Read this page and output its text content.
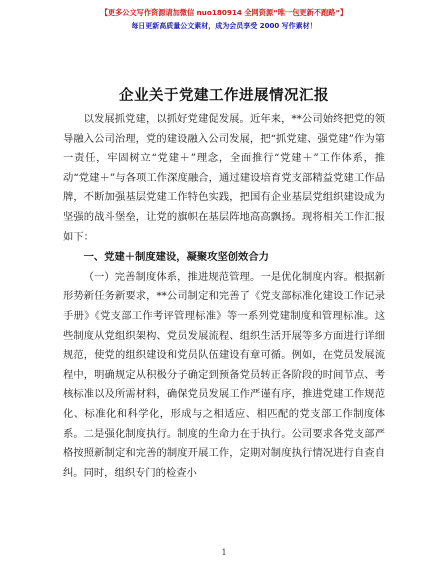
【更多公文写作资源请加微信 nuo180914 全网资源“唯一包更新不跑路”】
每日更新高质量公文素材，成为会员享受 2000 写作素材！
企业关于党建工作进展情况汇报

以发展抓党建，以抓好党建促发展。近年来，**公司始终把党的领导融入公司治理，党的建设融入公司发展，把“抓党建、强党建”作为第一责任，牢固树立“党建＋”理念，全面推行“党建＋”工作体系，推动“党建＋”与各项工作深度融合，通过建设培育党支部精益党建工作品牌，不断加强基层党建工作特色实践，把国有企业基层党组织建设成为坚强的战斗堡垒，让党的旗帜在基层阵地高高飘扬。现将相关工作汇报如下：

一、党建＋制度建设，凝聚攻坚创效合力

（一）完善制度体系，推进规范管理。一是优化制度内容。根据新形势新任务新要求，**公司制定和完善了《党支部标准化建设工作记录手册》《党支部工作考评管理标准》等一系列党建制度和管理标准。这些制度从党组织架构、党员发展流程、组织生活开展等多方面进行详细规范，使党的组织建设和党员队伍建设有章可循。例如，在党员发展流程中，明确规定从积极分子确定到预备党员转正各阶段的时间节点、考核标准以及所需材料，确保党员发展工作严谨有序，推进党建工作规范化、标准化和科学化，形成与之相适应、相匹配的党支部工作制度体系。二是强化制度执行。制度的生命力在于执行。公司要求各党支部严格按照新制定和完善的制度开展工作，定期对制度执行情况进行自查自纠。同时，组织专门的检查小

1
